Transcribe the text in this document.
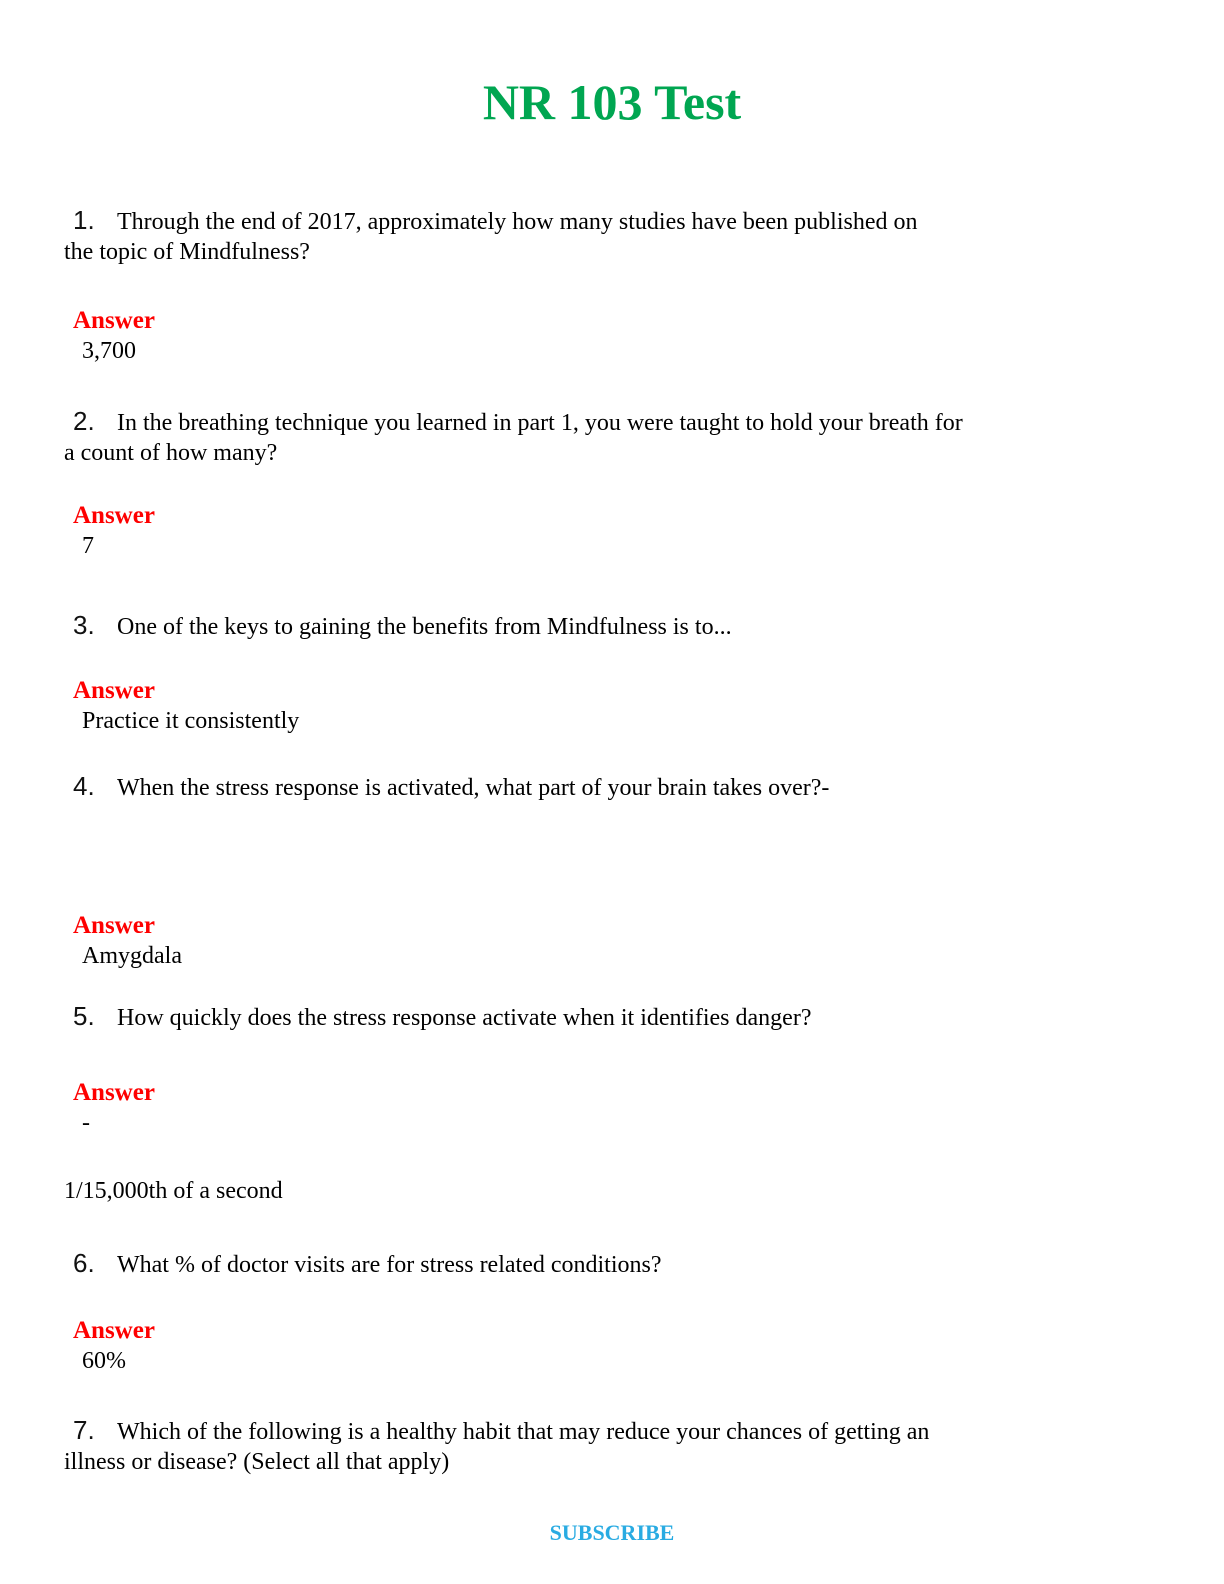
NR 103 Test
1. Through the end of 2017, approximately how many studies have been published on
the topic of Mindfulness?
Answer
3,700
2. In the breathing technique you learned in part 1, you were taught to hold your breath for
a count of how many?
Answer
7
3. One of the keys to gaining the benefits from Mindfulness is to...
Answer
Practice it consistently
4. When the stress response is activated, what part of your brain takes over?-
Answer
Amygdala
5. How quickly does the stress response activate when it identifies danger?
Answer
-
1/15,000th of a second
6. What % of doctor visits are for stress related conditions?
Answer
60%
7. Which of the following is a healthy habit that may reduce your chances of getting an
illness or disease? (Select all that apply)
SUBSCRIBE
